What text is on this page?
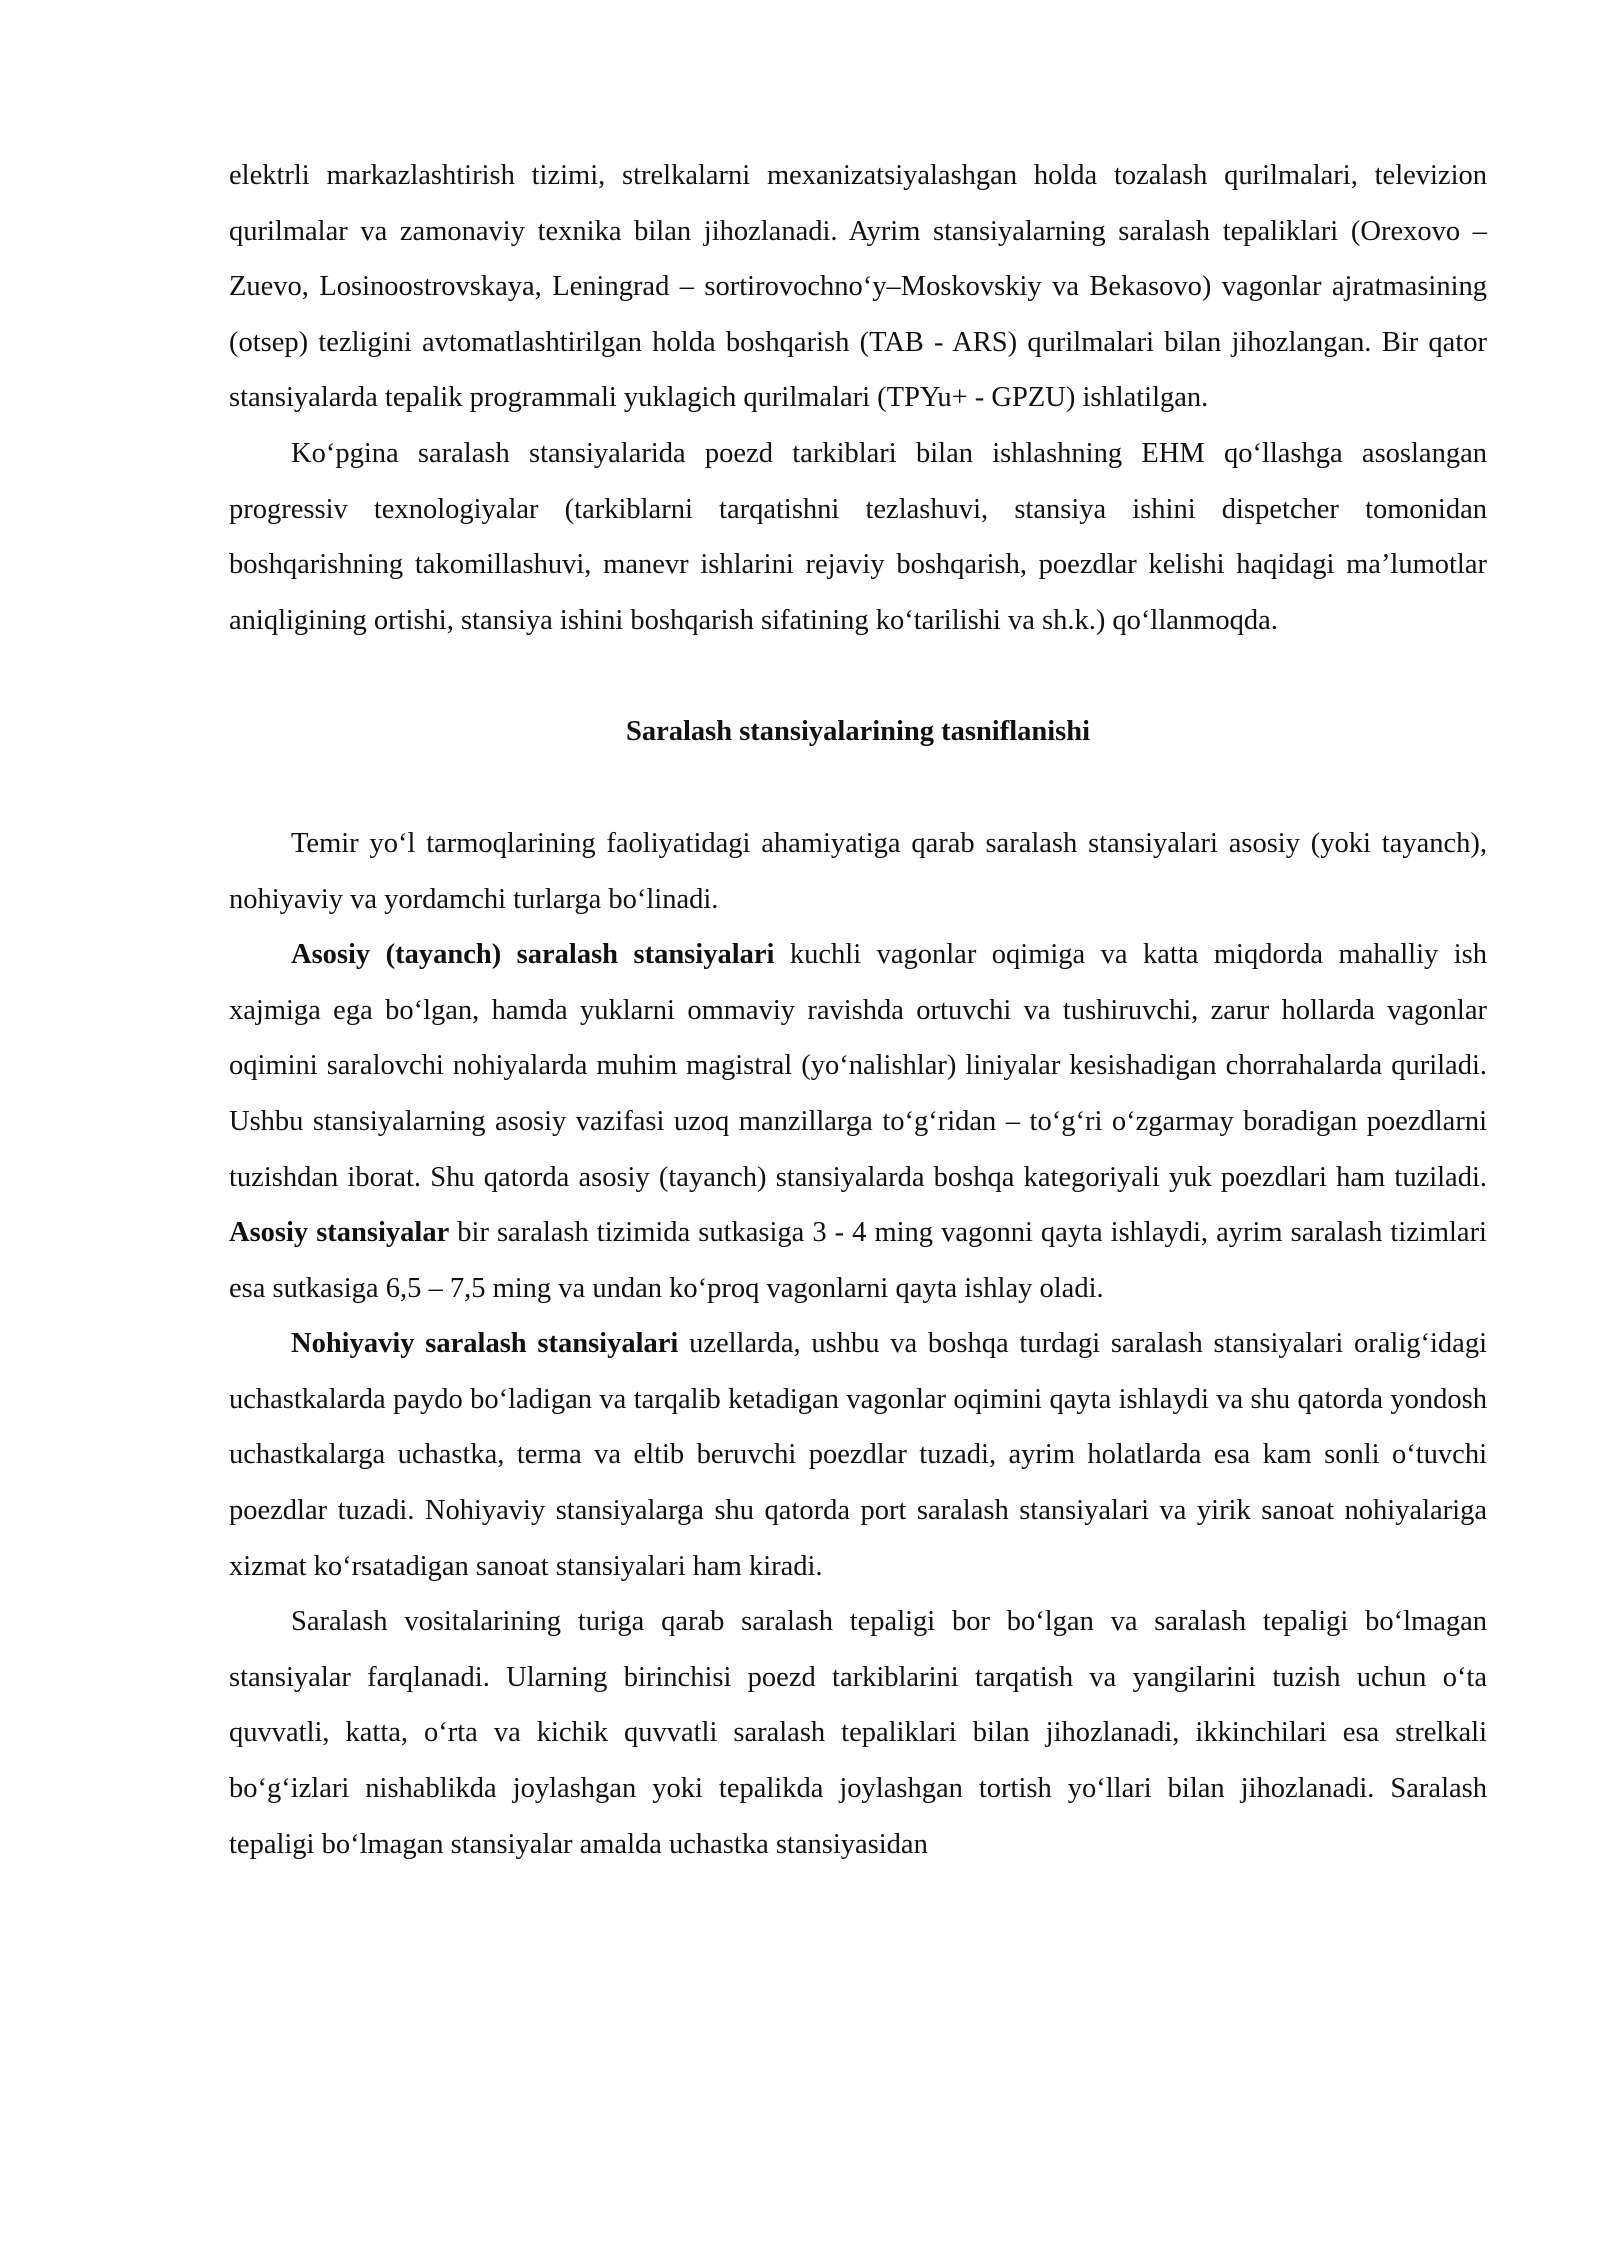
elektrli markazlashtirish tizimi, strelkalarni mexanizatsiyalashgan holda tozalash qurilmalari, televizion qurilmalar va zamonaviy texnika bilan jihozlanadi. Ayrim stansiyalarning saralash tepaliklari (Orexovo – Zuevo, Losinoostrovskaya, Leningrad – sortirovochno‘y–Moskovskiy va Bekasovo) vagonlar ajratmasining (otsep) tezligini avtomatlashtirilgan holda boshqarish (TAB - ARS) qurilmalari bilan jihozlangan. Bir qator stansiyalarda tepalik programmali yuklagich qurilmalari (TPYu+ - GPZU) ishlatilgan.

Ko‘pgina saralash stansiyalarida poezd tarkiblari bilan ishlashning EHM qo‘llashga asoslangan progressiv texnologiyalar (tarkiblarni tarqatishni tezlashuvi, stansiya ishini dispetcher tomonidan boshqarishning takomillashuvi, manevr ishlarini rejaviy boshqarish, poezdlar kelishi haqidagi ma’lumotlar aniqligining ortishi, stansiya ishini boshqarish sifatining ko‘tarilishi va sh.k.) qo‘llanmoqda.

Saralash stansiyalarining tasniflanishi

Temir yo‘l tarmoqlarining faoliyatidagi ahamiyatiga qarab saralash stansiyalari asosiy (yoki tayanch), nohiyaviy va yordamchi turlarga bo‘linadi.

Asosiy (tayanch) saralash stansiyalari kuchli vagonlar oqimiga va katta miqdorda mahalliy ish xajmiga ega bo‘lgan, hamda yuklarni ommaviy ravishda ortuvchi va tushiruvchi, zarur hollarda vagonlar oqimini saralovchi nohiyalarda muhim magistral (yo‘nalishlar) liniyalar kesishadigan chorrahalarda quriladi. Ushbu stansiyalarning asosiy vazifasi uzoq manzillarga to‘g‘ridan – to‘g‘ri o‘zgarmay boradigan poezdlarni tuzishdan iborat. Shu qatorda asosiy (tayanch) stansiyalarda boshqa kategoriyali yuk poezdlari ham tuziladi. Asosiy stansiyalar bir saralash tizimida sutkasiga 3 - 4 ming vagonni qayta ishlaydi, ayrim saralash tizimlari esa sutkasiga 6,5 – 7,5 ming va undan ko‘proq vagonlarni qayta ishlay oladi.

Nohiyaviy saralash stansiyalari uzellarda, ushbu va boshqa turdagi saralash stansiyalari oralig‘idagi uchastkalarda paydo bo‘ladigan va tarqalib ketadigan vagonlar oqimini qayta ishlaydi va shu qatorda yondosh uchastkalarga uchastka, terma va eltib beruvchi poezdlar tuzadi, ayrim holatlarda esa kam sonli o‘tuvchi poezdlar tuzadi. Nohiyaviy stansiyalarga shu qatorda port saralash stansiyalari va yirik sanoat nohiyalariga xizmat ko‘rsatadigan sanoat stansiyalari ham kiradi.

Saralash vositalarining turiga qarab saralash tepaligi bor bo‘lgan va saralash tepaligi bo‘lmagan stansiyalar farqlanadi. Ularning birinchisi poezd tarkiblarini tarqatish va yangilarini tuzish uchun o‘ta quvvatli, katta, o‘rta va kichik quvvatli saralash tepaliklari bilan jihozlanadi, ikkinchilari esa strelkali bo‘g‘izlari nishablikda joylashgan yoki tepalikda joylashgan tortish yo‘llari bilan jihozlanadi. Saralash tepaligi bo‘lmagan stansiyalar amalda uchastka stansiyasidan
